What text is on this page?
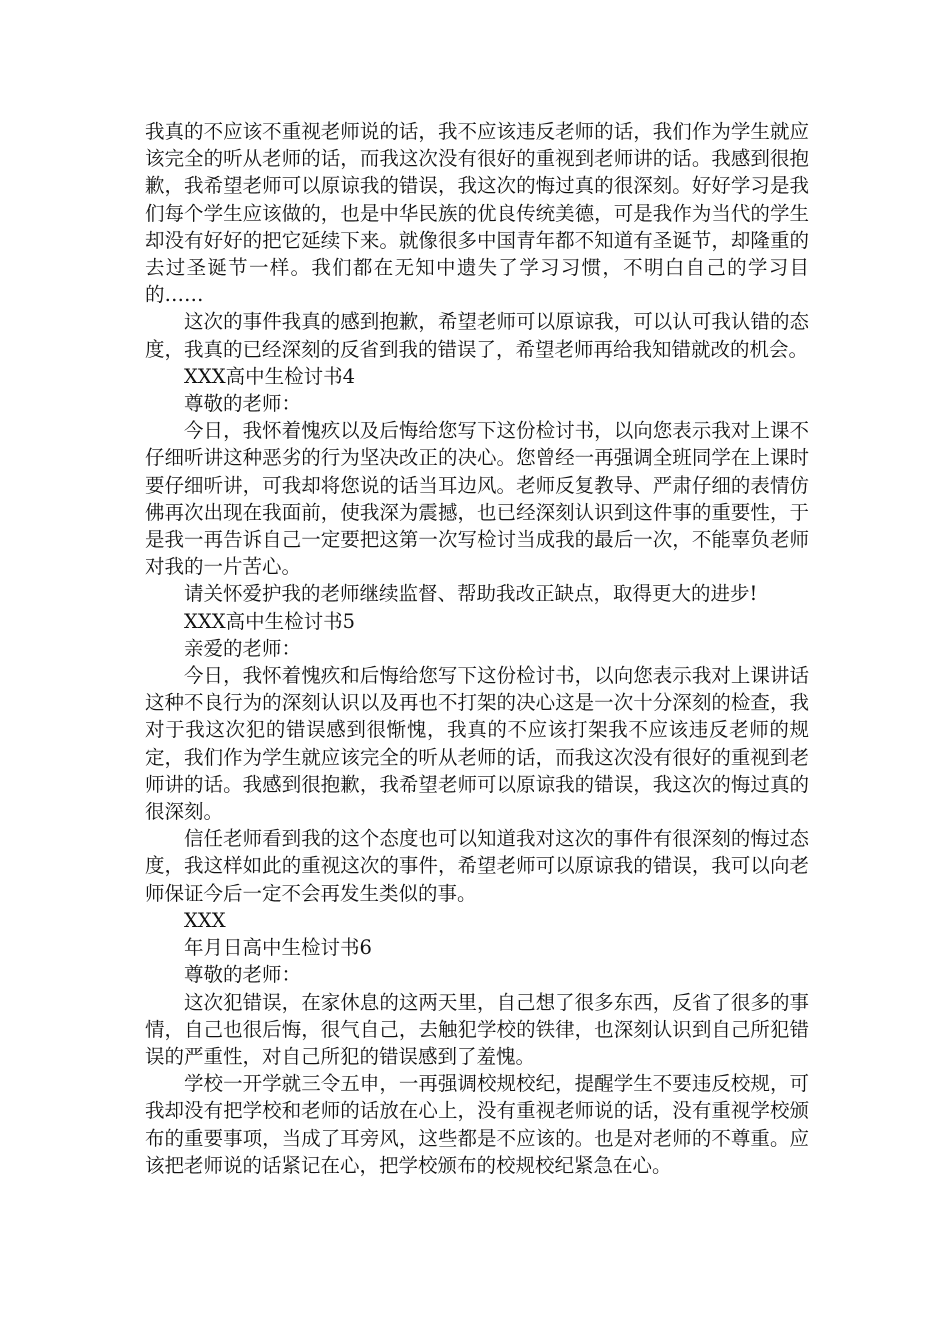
我真的不应该不重视老师说的话，我不应该违反老师的话，我们作为学生就应该完全的听从老师的话，而我这次没有很好的重视到老师讲的话。我感到很抱歉，我希望老师可以原谅我的错误，我这次的悔过真的很深刻。好好学习是我们每个学生应该做的，也是中华民族的优良传统美德，可是我作为当代的学生却没有好好的把它延续下来。就像很多中国青年都不知道有圣诞节，却隆重的去过圣诞节一样。我们都在无知中遗失了学习习惯，不明白自己的学习目的……

这次的事件我真的感到抱歉，希望老师可以原谅我，可以认可我认错的态度，我真的已经深刻的反省到我的错误了，希望老师再给我知错就改的机会。

XXX高中生检讨书4

尊敬的老师：

今日，我怀着愧疚以及后悔给您写下这份检讨书，以向您表示我对上课不仔细听讲这种恶劣的行为坚决改正的决心。您曾经一再强调全班同学在上课时要仔细听讲，可我却将您说的话当耳边风。老师反复教导、严肃仔细的表情仿佛再次出现在我面前，使我深为震撼，也已经深刻认识到这件事的重要性，于是我一再告诉自己一定要把这第一次写检讨当成我的最后一次，不能辜负老师对我的一片苦心。

请关怀爱护我的老师继续监督、帮助我改正缺点，取得更大的进步!

XXX高中生检讨书5

亲爱的老师：

今日，我怀着愧疚和后悔给您写下这份检讨书，以向您表示我对上课讲话这种不良行为的深刻认识以及再也不打架的决心这是一次十分深刻的检查，我对于我这次犯的错误感到很惭愧，我真的不应该打架我不应该违反老师的规定，我们作为学生就应该完全的听从老师的话，而我这次没有很好的重视到老师讲的话。我感到很抱歉，我希望老师可以原谅我的错误，我这次的悔过真的很深刻。

信任老师看到我的这个态度也可以知道我对这次的事件有很深刻的悔过态度，我这样如此的重视这次的事件，希望老师可以原谅我的错误，我可以向老师保证今后一定不会再发生类似的事。

XXX

年月日高中生检讨书6

尊敬的老师：

这次犯错误，在家休息的这两天里，自己想了很多东西，反省了很多的事情，自己也很后悔，很气自己，去触犯学校的铁律，也深刻认识到自己所犯错误的严重性，对自己所犯的错误感到了羞愧。

学校一开学就三令五申，一再强调校规校纪，提醒学生不要违反校规，可我却没有把学校和老师的话放在心上，没有重视老师说的话，没有重视学校颁布的重要事项，当成了耳旁风，这些都是不应该的。也是对老师的不尊重。应该把老师说的话紧记在心，把学校颁布的校规校纪紧急在心。
